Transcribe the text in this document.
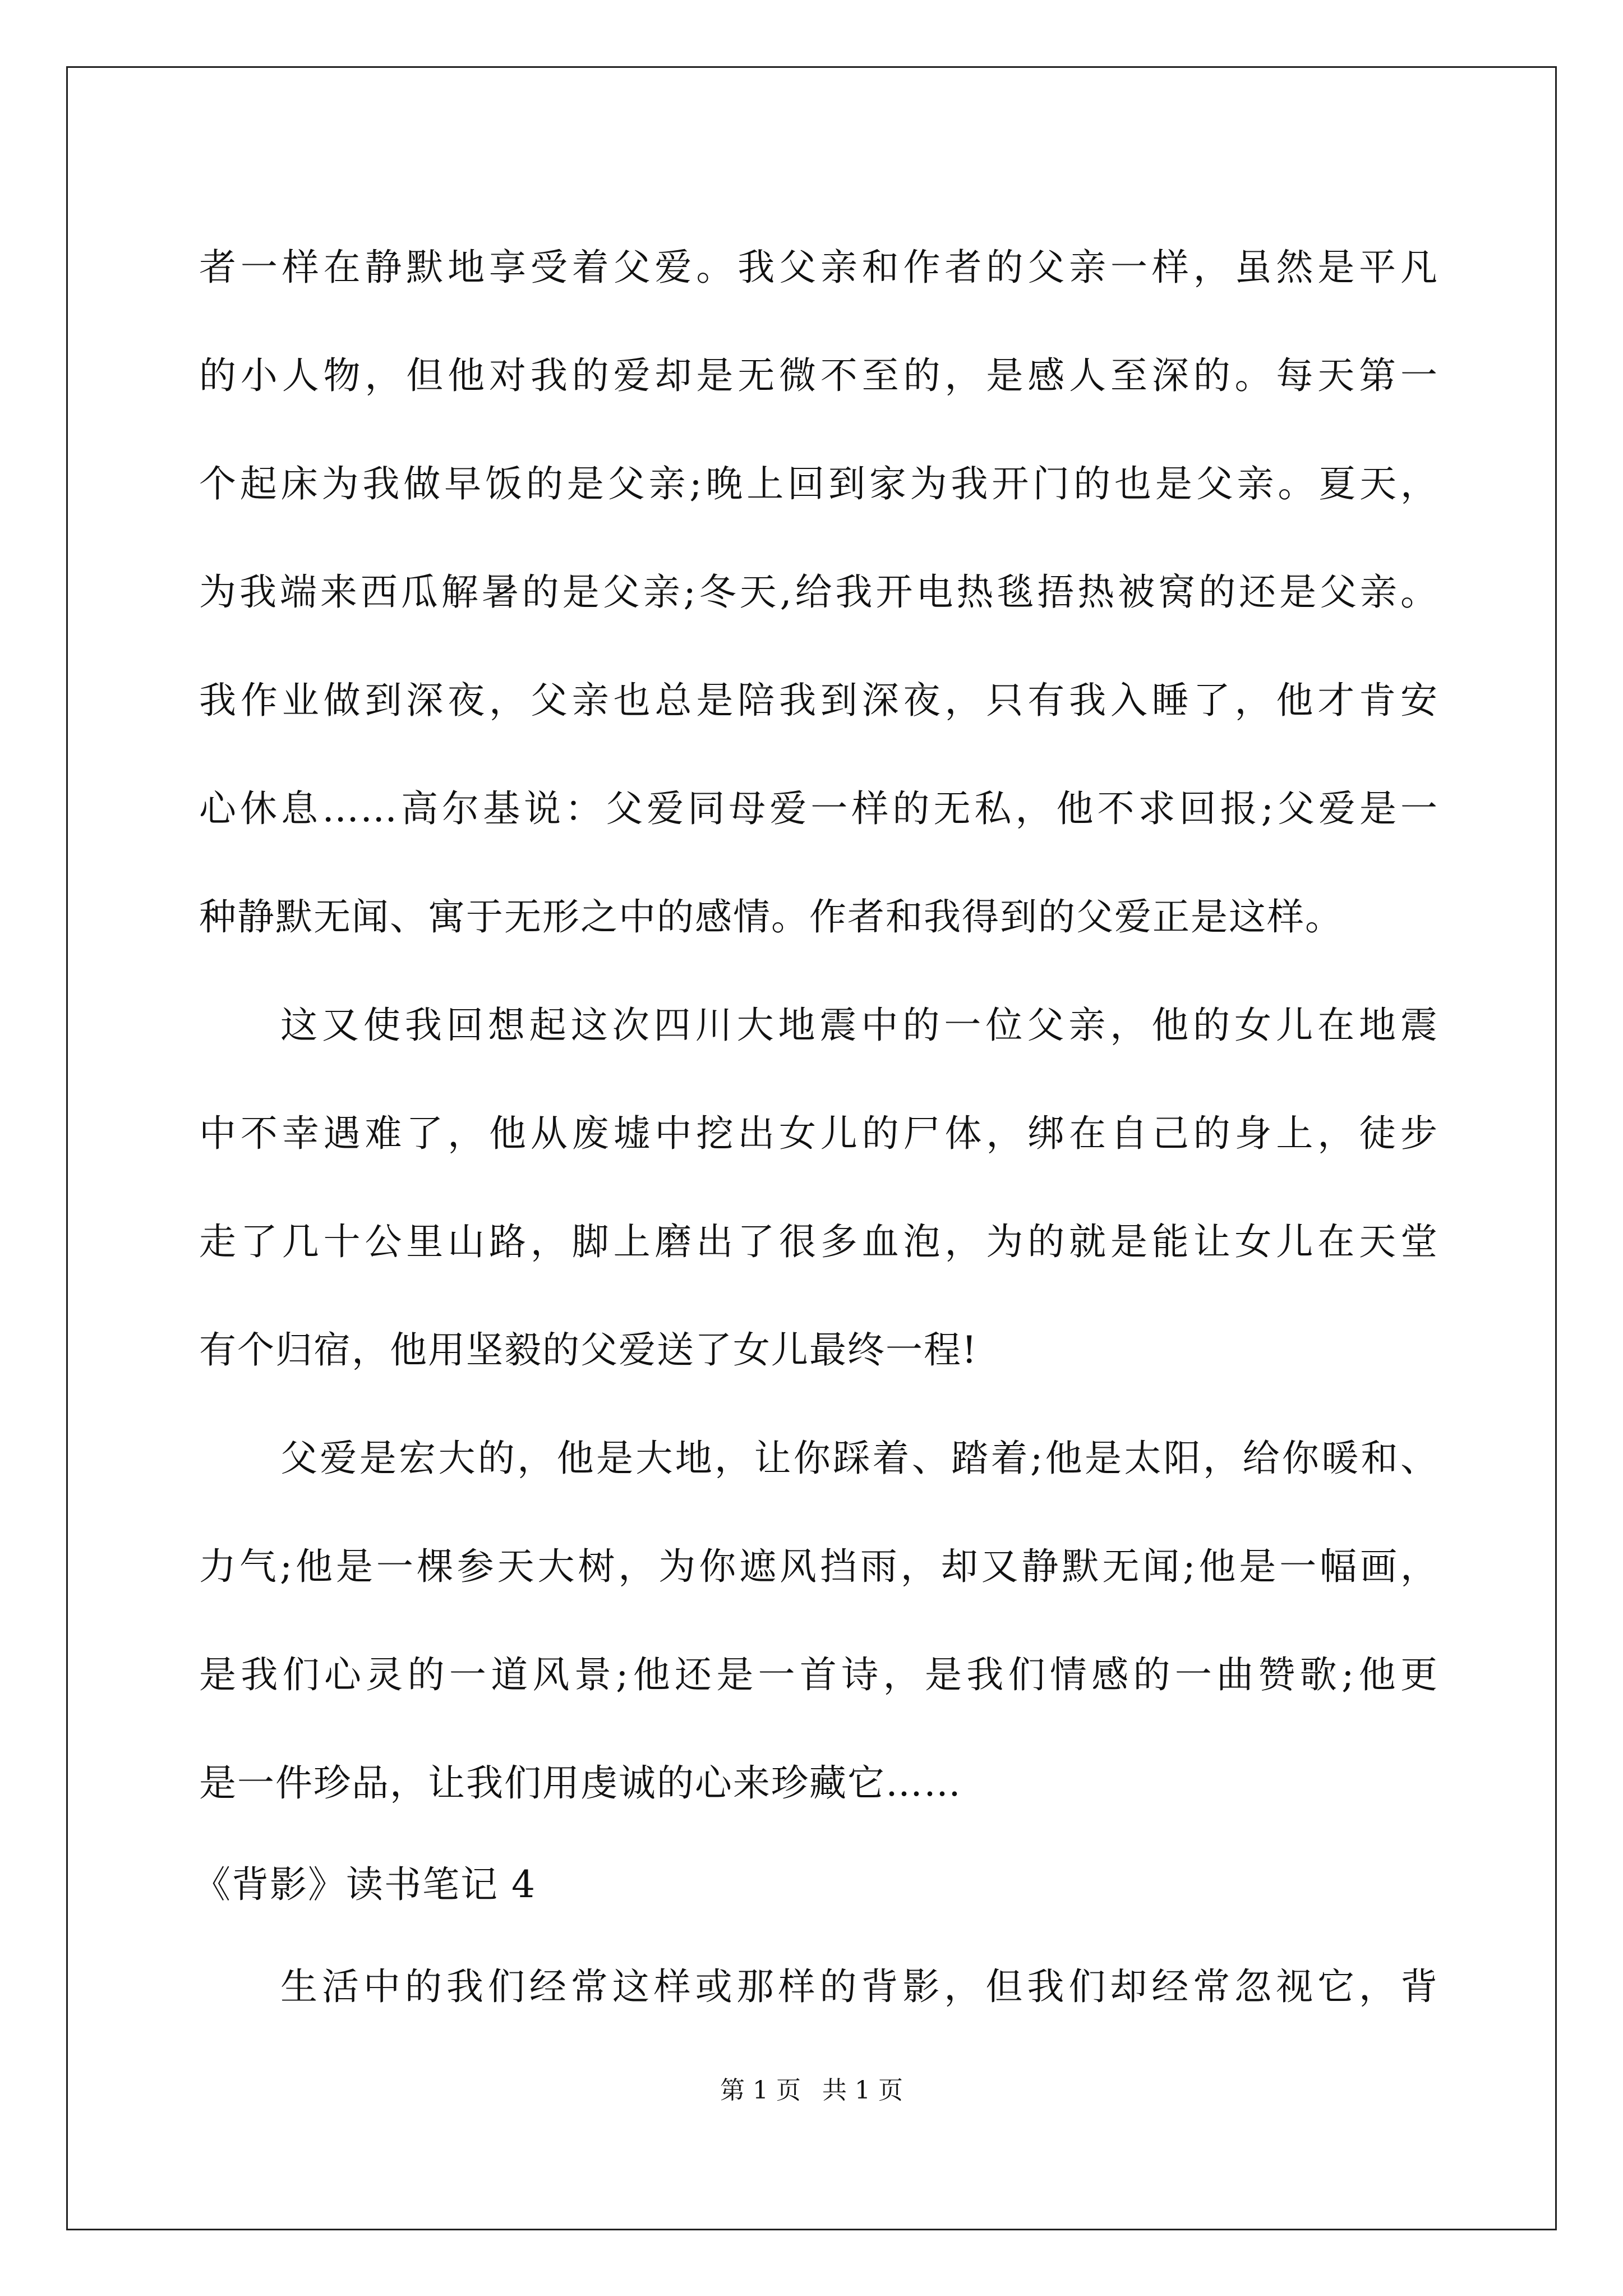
者一样在静默地享受着父爱。我父亲和作者的父亲一样，虽然是平凡
的小人物，但他对我的爱却是无微不至的，是感人至深的。每天第一
个起床为我做早饭的是父亲;晚上回到家为我开门的也是父亲。夏天，
为我端来西瓜解暑的是父亲;冬天,给我开电热毯捂热被窝的还是父亲。
我作业做到深夜，父亲也总是陪我到深夜，只有我入睡了，他才肯安
心休息……高尔基说：父爱同母爱一样的无私，他不求回报;父爱是一
种静默无闻、寓于无形之中的感情。作者和我得到的父爱正是这样。
这又使我回想起这次四川大地震中的一位父亲，他的女儿在地震
中不幸遇难了，他从废墟中挖出女儿的尸体，绑在自己的身上，徒步
走了几十公里山路，脚上磨出了很多血泡，为的就是能让女儿在天堂
有个归宿，他用坚毅的父爱送了女儿最终一程!
父爱是宏大的，他是大地，让你踩着、踏着;他是太阳，给你暖和、
力气;他是一棵参天大树，为你遮风挡雨，却又静默无闻;他是一幅画，
是我们心灵的一道风景;他还是一首诗，是我们情感的一曲赞歌;他更
是一件珍品，让我们用虔诚的心来珍藏它……
《背影》读书笔记 4
生活中的我们经常这样或那样的背影，但我们却经常忽视它，背
第 1 页 共 1 页
